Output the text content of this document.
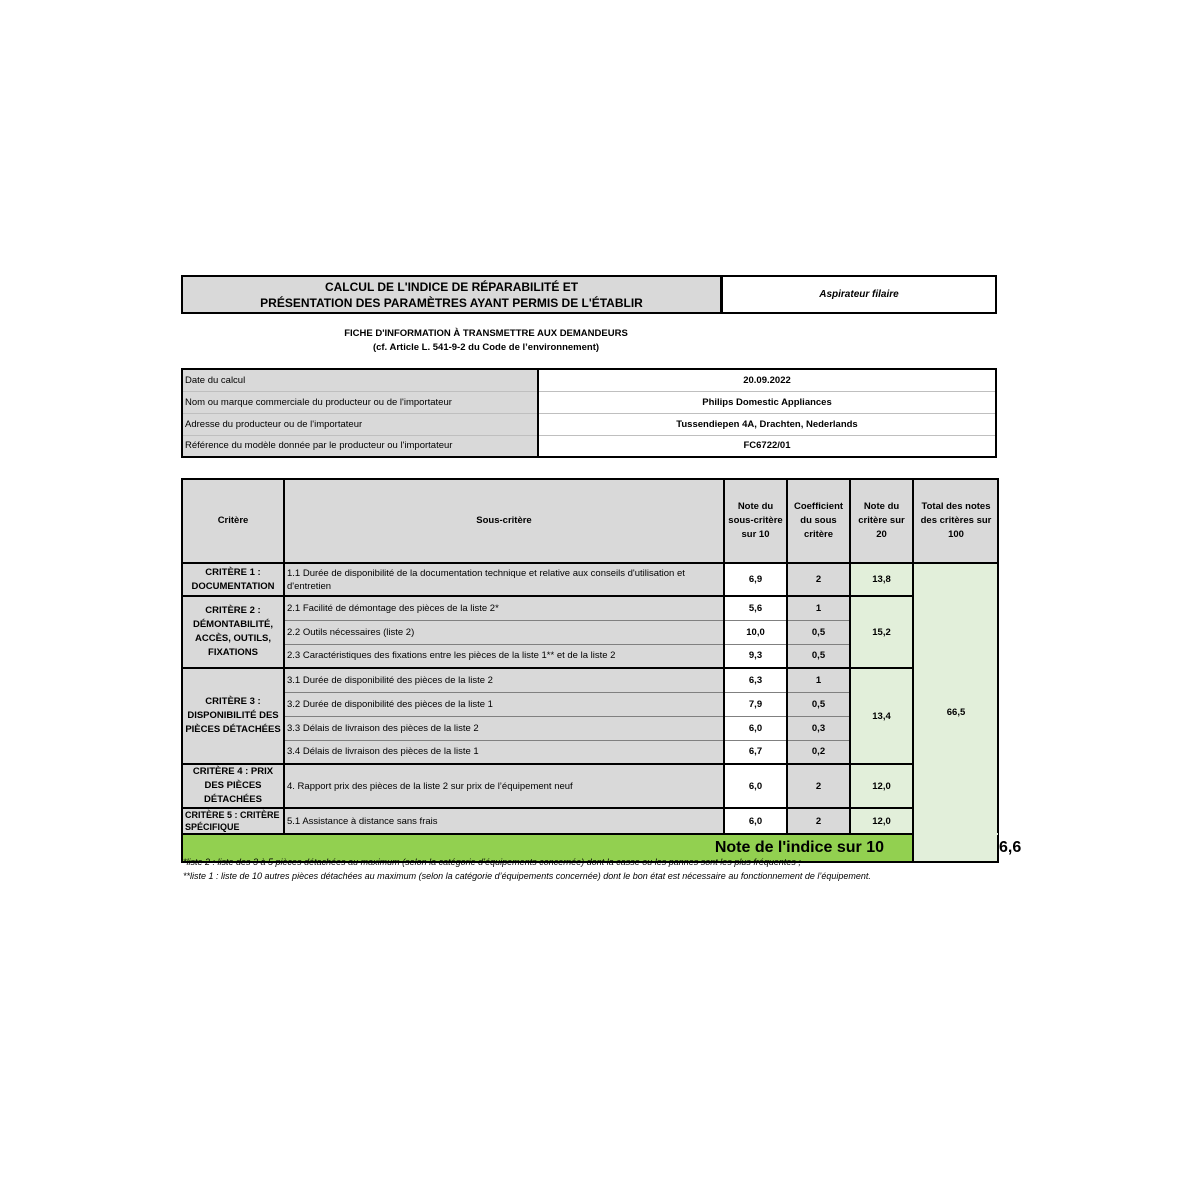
CALCUL DE L'INDICE DE RÉPARABILITÉ ET
PRÉSENTATION DES PARAMÈTRES AYANT PERMIS DE L'ÉTABLIR
Aspirateur filaire
FICHE D'INFORMATION À TRANSMETTRE AUX DEMANDEURS
(cf. Article L. 541-9-2 du Code de l’environnement)
Date du calcul	20.09.2022
Nom ou marque commerciale du producteur ou de l'importateur	Philips Domestic Appliances
Adresse du producteur ou de l'importateur	Tussendiepen 4A, Drachten, Nederlands
Référence du modèle donnée par le producteur ou l'importateur	FC6722/01
Critère	Sous-critère	Note du sous-critère sur 10	Coefficient du sous critère	Note du critère sur 20	Total des notes des critères sur 100	
CRITÈRE 1 : DOCUMENTATION	1.1 Durée de disponibilité de la documentation technique et relative aux conseils d'utilisation et d'entretien	6,9	2	13,8	66,5	
CRITÈRE 2 : DÉMONTABILITÉ, ACCÈS, OUTILS, FIXATIONS	2.1 Facilité de démontage des pièces de la liste 2*	5,6	1	15,2		
	2.2 Outils nécessaires (liste 2)	10,0	0,5			
	2.3 Caractéristiques des fixations entre les pièces de la liste 1** et de la liste 2	9,3	0,5			
CRITÈRE 3 : DISPONIBILITÉ DES PIÈCES DÉTACHÉES	3.1 Durée de disponibilité des pièces de la liste 2	6,3	1	13,4		
	3.2 Durée de disponibilité des pièces de la liste 1	7,9	0,5			
	3.3 Délais de livraison des pièces de la liste 2	6,0	0,3			
	3.4 Délais de livraison des pièces de la liste 1	6,7	0,2			
CRITÈRE 4 : PRIX DES PIÈCES DÉTACHÉES	4. Rapport prix des pièces de la liste 2 sur prix de l’équipement neuf	6,0	2	12,0		
CRITÈRE 5 : CRITÈRE SPÉCIFIQUE	5.1 Assistance à distance sans frais	6,0	2	12,0		
Note de l'indice sur 10						6,6
*liste 2 : liste des 3 à 5 pièces détachées au maximum (selon la catégorie d’équipements concernée) dont la casse ou les pannes sont les plus fréquentes ;
**liste 1 : liste de 10 autres pièces détachées au maximum (selon la catégorie d’équipements concernée) dont le bon état est nécessaire au fonctionnement de l’équipement.
